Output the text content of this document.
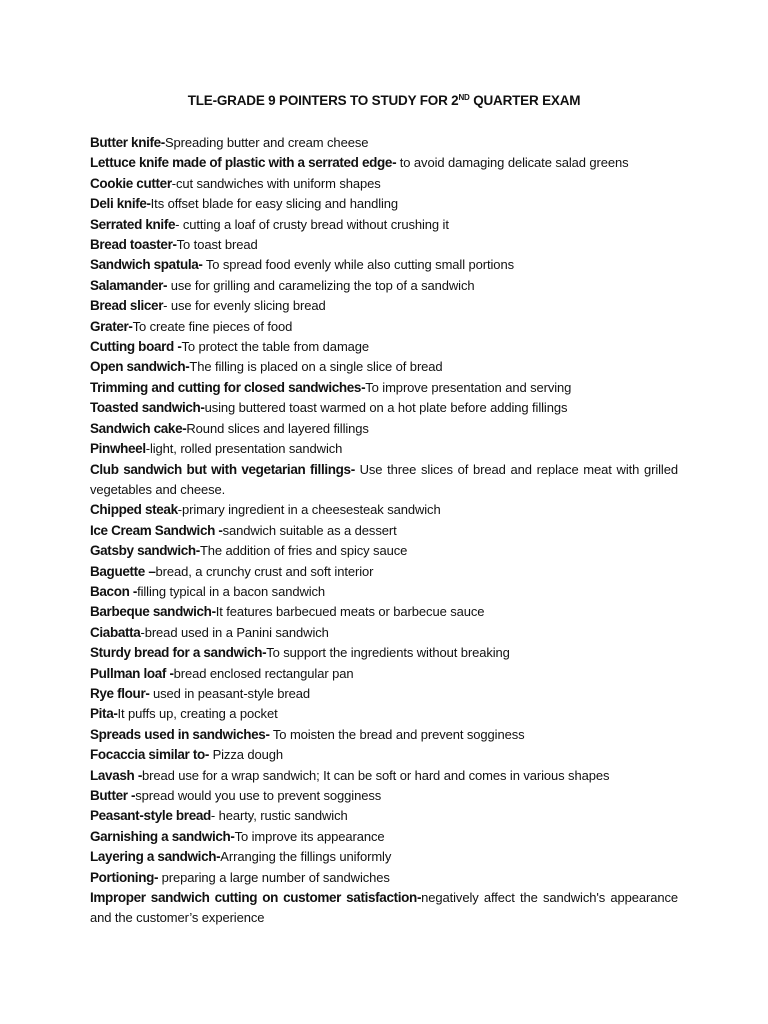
TLE-GRADE 9 POINTERS TO STUDY FOR 2ND QUARTER EXAM
Butter knife-Spreading butter and cream cheese
Lettuce knife made of plastic with a serrated edge- to avoid damaging delicate salad greens
Cookie cutter-cut sandwiches with uniform shapes
Deli knife-Its offset blade for easy slicing and handling
Serrated knife- cutting a loaf of crusty bread without crushing it
Bread toaster-To toast bread
Sandwich spatula- To spread food evenly while also cutting small portions
Salamander- use for grilling and caramelizing the top of a sandwich
Bread slicer- use for evenly slicing bread
Grater-To create fine pieces of food
Cutting board -To protect the table from damage
Open sandwich-The filling is placed on a single slice of bread
Trimming and cutting for closed sandwiches-To improve presentation and serving
Toasted sandwich-using buttered toast warmed on a hot plate before adding fillings
Sandwich cake-Round slices and layered fillings
Pinwheel-light, rolled presentation sandwich
Club sandwich but with vegetarian fillings- Use three slices of bread and replace meat with grilled vegetables and cheese.
Chipped steak-primary ingredient in a cheesesteak sandwich
Ice Cream Sandwich -sandwich suitable as a dessert
Gatsby sandwich-The addition of fries and spicy sauce
Baguette –bread, a crunchy crust and soft interior
Bacon -filling typical in a bacon sandwich
Barbeque sandwich-It features barbecued meats or barbecue sauce
Ciabatta-bread used in a Panini sandwich
Sturdy bread for a sandwich-To support the ingredients without breaking
Pullman loaf -bread enclosed rectangular pan
Rye flour- used in peasant-style bread
Pita-It puffs up, creating a pocket
Spreads used in sandwiches- To moisten the bread and prevent sogginess
Focaccia similar to- Pizza dough
Lavash -bread use for a wrap sandwich; It can be soft or hard and comes in various shapes
Butter -spread would you use to prevent sogginess
Peasant-style bread- hearty, rustic sandwich
Garnishing a sandwich-To improve its appearance
Layering a sandwich-Arranging the fillings uniformly
Portioning- preparing a large number of sandwiches
Improper sandwich cutting on customer satisfaction-negatively affect the sandwich's appearance and the customer’s experience
